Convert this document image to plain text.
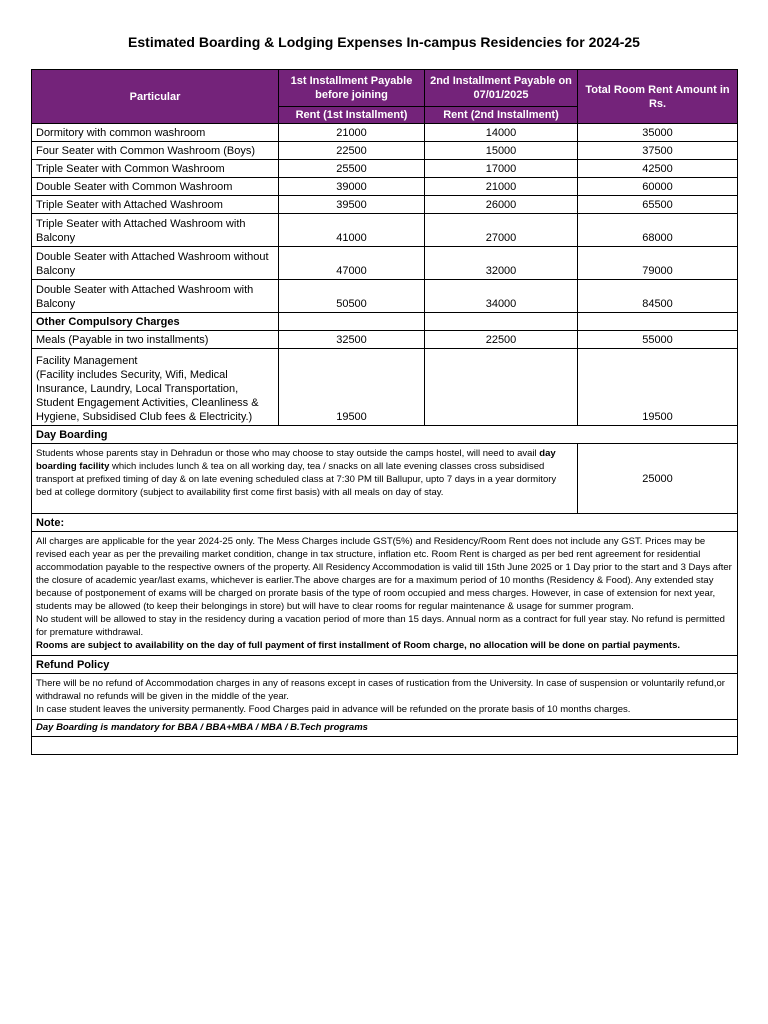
Estimated Boarding & Lodging Expenses In-campus Residencies for 2024-25
Particular	1st Installment Payable before joining	2nd Installment Payable on 07/01/2025	Total Room Rent Amount in Rs.
	Rent (1st Installment)	Rent (2nd Installment)	
Dormitory with common washroom	21000	14000	35000
Four Seater with Common Washroom (Boys)	22500	15000	37500
Triple Seater with Common Washroom	25500	17000	42500
Double Seater with Common Washroom	39000	21000	60000
Triple Seater with Attached Washroom	39500	26000	65500
Triple Seater with Attached Washroom with Balcony	41000	27000	68000
Double Seater with Attached Washroom without Balcony	47000	32000	79000
Double Seater with Attached Washroom with Balcony	50500	34000	84500
Other Compulsory Charges			
Meals (Payable in two installments)	32500	22500	55000

Facility Management
(Facility includes Security, Wifi, Medical Insurance, Laundry, Local Transportation, Student Engagement Activities, Cleanliness & Hygiene, Subsidised Club fees & Electricity.)	19500		19500
Day Boarding			
Students whose parents stay in Dehradun or those who may choose to stay outside the camps hostel, will need to avail day boarding facility which includes lunch & tea on all working day, tea / snacks on all late evening classes cross subsidised transport at prefixed timing of day & on late evening scheduled class at 7:30 PM till Ballupur, upto 7 days in a year dormitory bed at college dormitory (subject to availability first come first basis) with all meals on day of stay.			25000
Note:			

All charges are applicable for the year 2024-25 only. The Mess Charges include GST(5%) and Residency/Room Rent does not include any GST. Prices may be revised each year as per the prevailing market condition, change in tax structure, inflation etc. Room Rent is charged as per bed rent agreement for residential accommodation payable to the respective owners of the property. All Residency Accommodation is valid till 15th June 2025 or 1 Day prior to the start and 3 Days after the closure of academic year/last exams, whichever is earlier.The above charges are for a maximum period of 10 months (Residency & Food). Any extended stay because of postponement of exams will be charged on prorate basis of the type of room occupied and mess charges. However, in case of extension for next year, students may be allowed (to keep their belongings in store) but will have to clear rooms for regular maintenance & usage for summer program.
No student will be allowed to stay in the residency during a vacation period of more than 15 days. Annual norm as a contract for full year stay. No refund is permitted for premature withdrawal.
Rooms are subject to availability on the day of full payment of first installment of Room charge, no allocation will be done on partial payments.			

Refund Policy			

There will be no refund of Accommodation charges in any of reasons except in cases of rustication from the University. In case of suspension or voluntarily refund,or withdrawal no refunds will be given in the middle of the year.
In case student leaves the university permanently. Food Charges paid in advance will be refunded on the prorate basis of 10 months charges.			

Day Boarding is mandatory for BBA / BBA+MBA / MBA / B.Tech programs			
